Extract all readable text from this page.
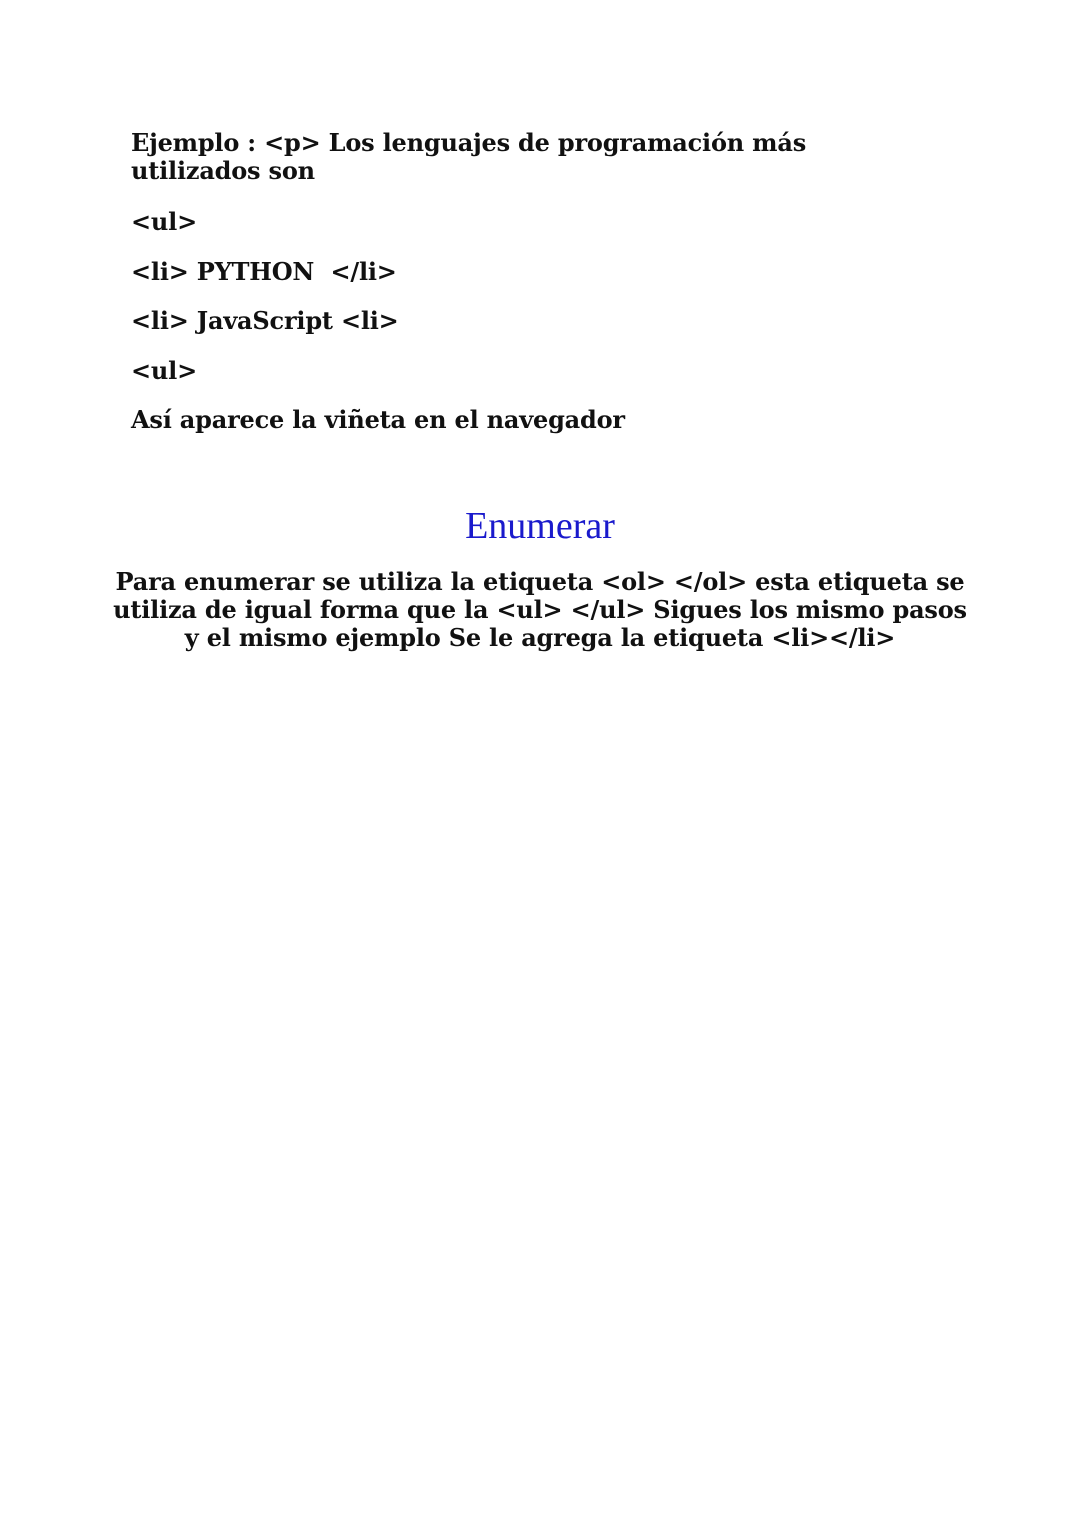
Ejemplo : <p> Los lenguajes de programación más utilizados son

<ul>

<li> PYTHON  </li>

<li> JavaScript <li>

<ul>

Así aparece la viñeta en el navegador

Enumerar

Para enumerar se utiliza la etiqueta <ol> </ol> esta etiqueta se utiliza de igual forma que la <ul> </ul> Sigues los mismo pasos y el mismo ejemplo Se le agrega la etiqueta <li></li>
